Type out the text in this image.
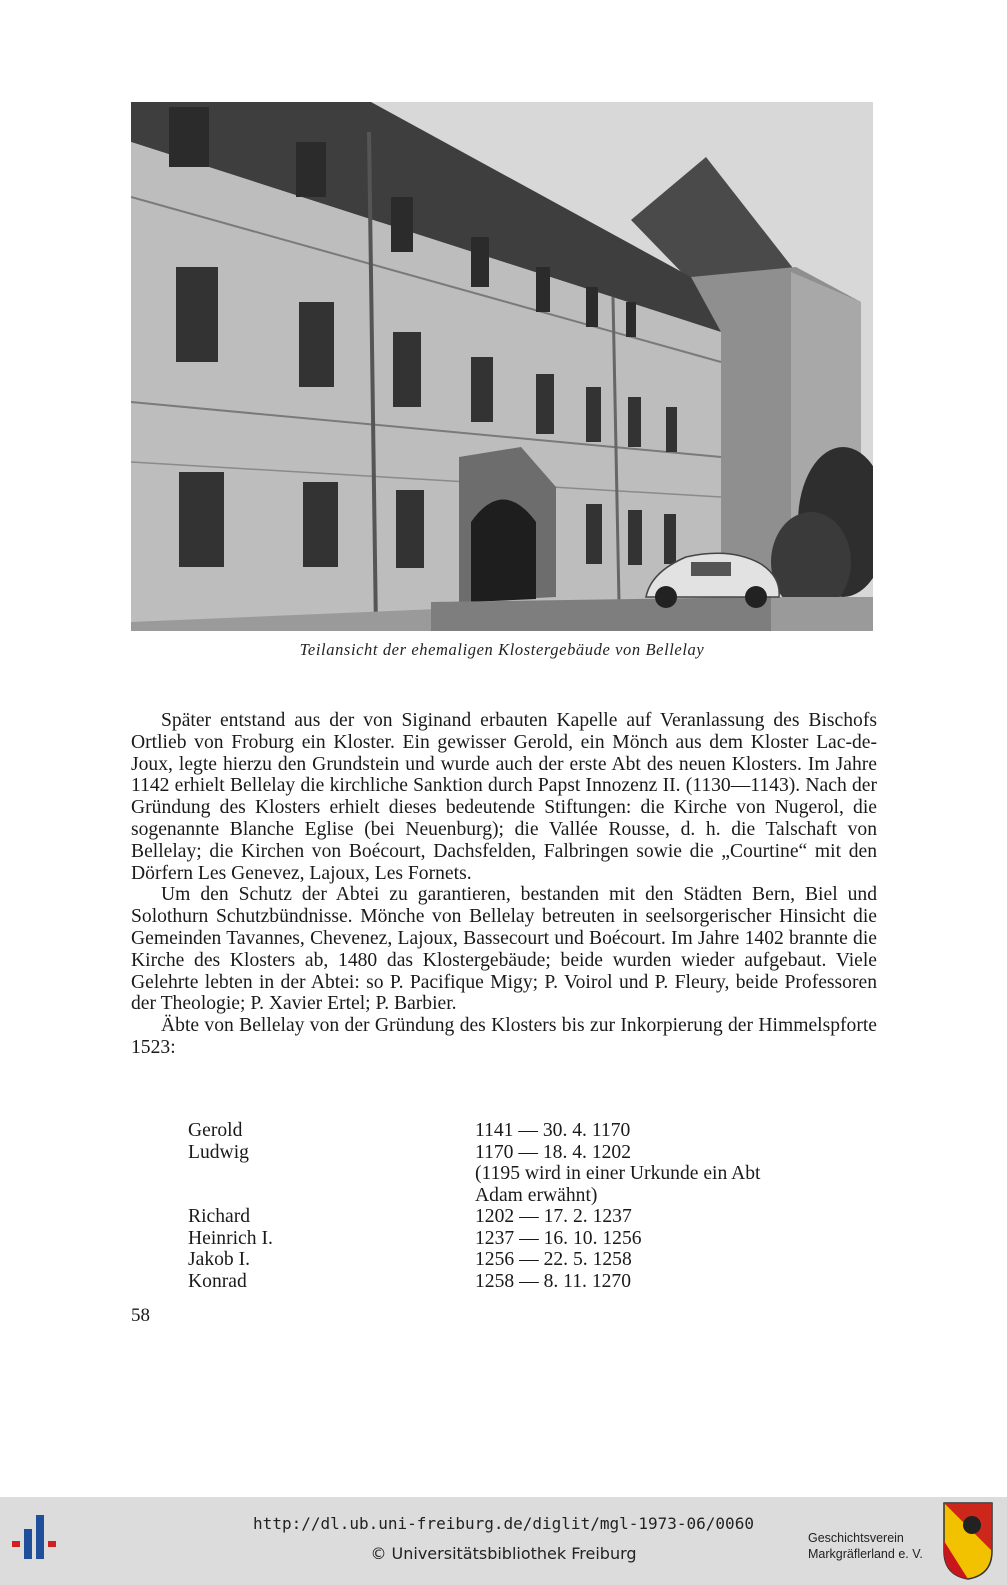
Teilansicht der ehemaligen Klostergebäude von Bellelay

Später entstand aus der von Siginand erbauten Kapelle auf Veranlassung des Bischofs Ortlieb von Froburg ein Kloster. Ein gewisser Gerold, ein Mönch aus dem Kloster Lac-de-Joux, legte hierzu den Grundstein und wurde auch der erste Abt des neuen Klosters. Im Jahre 1142 erhielt Bellelay die kirchliche Sanktion durch Papst Innozenz II. (1130—1143). Nach der Gründung des Klosters erhielt dieses bedeutende Stiftungen: die Kirche von Nugerol, die sogenannte Blanche Eglise (bei Neuenburg); die Vallée Rousse, d. h. die Talschaft von Bellelay; die Kirchen von Boécourt, Dachsfelden, Falbringen sowie die „Courtine“ mit den Dörfern Les Genevez, Lajoux, Les Fornets.

Um den Schutz der Abtei zu garantieren, bestanden mit den Städten Bern, Biel und Solothurn Schutzbündnisse. Mönche von Bellelay betreuten in seelsorgerischer Hinsicht die Gemeinden Tavannes, Chevenez, Lajoux, Bassecourt und Boécourt. Im Jahre 1402 brannte die Kirche des Klosters ab, 1480 das Klostergebäude; beide wurden wieder aufgebaut. Viele Gelehrte lebten in der Abtei: so P. Pacifique Migy; P. Voirol und P. Fleury, beide Professoren der Theologie; P. Xavier Ertel; P. Barbier.

Äbte von Bellelay von der Gründung des Klosters bis zur Inkorpierung der Himmelspforte 1523:

Gerold	1141 — 30. 4. 1170
Ludwig	1170 — 18. 4. 1202
(1195 wird in einer Urkunde ein Abt
Adam erwähnt)
Richard	1202 — 17. 2. 1237
Heinrich I.	1237 — 16. 10. 1256
Jakob I.	1256 — 22. 5. 1258
Konrad	1258 — 8. 11. 1270
58
http://dl.ub.uni-freiburg.de/diglit/mgl-1973-06/0060
© Universitätsbibliothek Freiburg
Geschichtsverein
Markgräflerland e. V.
